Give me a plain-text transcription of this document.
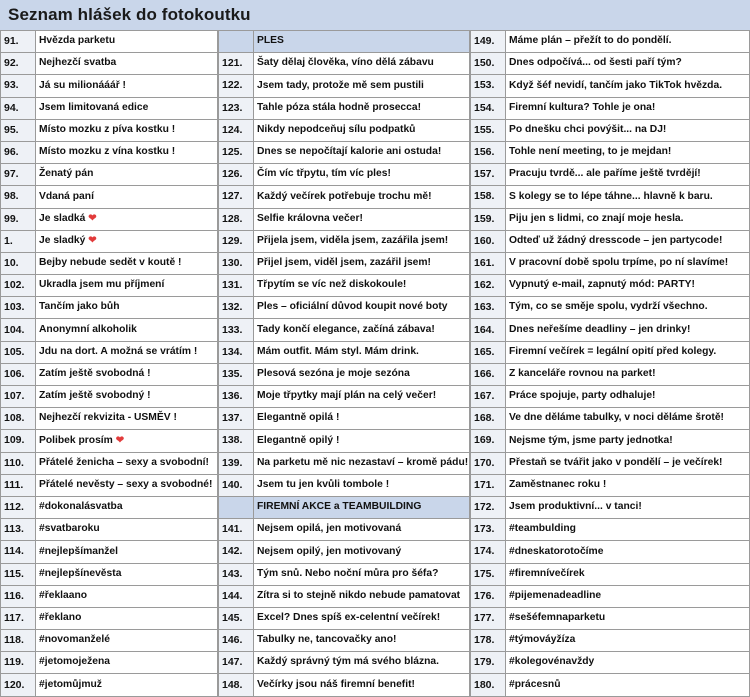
Seznam hlášek do fotokoutku
91.	Hvězda parketu
92.	Nejhezčí svatba
93.	Já su milionááář !
94.	Jsem limitovaná edice
95.	Místo mozku z píva kostku !
96.	Místo mozku z vína kostku !
97.	Ženatý pán
98.	Vdaná paní
99.	Je sladká ❤
1.	Je sladký ❤
10.	Bejby nebude sedět v koutě !
102.	Ukradla jsem mu příjmení
103.	Tančím jako bůh
104.	Anonymní alkoholik
105.	Jdu na dort. A možná se vrátím !
106.	Zatím ještě svobodná !
107.	Zatím ještě svobodný !
108.	Nejhezčí rekvizita - USMĚV !
109.	Polibek prosím ❤
110.	Přátelé ženicha – sexy a svobodní!
111.	Přátelé nevěsty – sexy a svobodné!
112.	#dokonalásvatba
113.	#svatbaroku
114.	#nejlepšímanžel
115.	#nejlepšínevěsta
116.	#řeklaano
117.	#řeklano
118.	#novomanželé
119.	#jetomoježena
120.	#jetomůjmuž
	PLES
121.	Šaty dělaj člověka, víno dělá zábavu
122.	Jsem tady, protože mě sem pustili
123.	Tahle póza stála hodně prosecca!
124.	Nikdy nepodceňuj sílu podpatků
125.	Dnes se nepočítají kalorie ani ostuda!
126.	Čím víc třpytu, tím víc ples!
127.	Každý večírek potřebuje trochu mě!
128.	Selfie královna večer!
129.	Přijela jsem, viděla jsem, zazářila jsem!
130.	Přijel jsem, viděl jsem, zazářil jsem!
131.	Třpytím se víc než diskokoule!
132.	Ples – oficiální důvod koupit nové boty
133.	Tady končí elegance, začíná zábava!
134.	Mám outfit. Mám styl. Mám drink.
135.	Plesová sezóna je moje sezóna
136.	Moje třpytky mají plán na celý večer!
137.	Elegantně opilá !
138.	Elegantně opilý !
139.	Na parketu mě nic nezastaví – kromě pádu!
140.	Jsem tu jen kvůli tombole !
	FIREMNÍ AKCE a TEAMBUILDING
141.	Nejsem opilá, jen motivovaná
142.	Nejsem opilý, jen motivovaný
143.	Tým snů. Nebo noční můra pro šéfa?
144.	Zítra si to stejně nikdo nebude pamatovat
145.	Excel? Dnes spíš ex-celentní večírek!
146.	Tabulky ne, tancovačky ano!
147.	Každý správný tým má svého blázna.
148.	Večírky jsou náš firemní benefit!
149.	Máme plán – přežít to do pondělí.
150.	Dnes odpočívá... od šesti paří tým?
153.	Když šéf nevidí, tančím jako TikTok hvězda.
154.	Firemní kultura? Tohle je ona!
155.	Po dnešku chci povýšit... na DJ!
156.	Tohle není meeting, to je mejdan!
157.	Pracuju tvrdě... ale paříme ještě tvrdějí!
158.	S kolegy se to lépe táhne... hlavně k baru.
159.	Piju jen s lidmi, co znají moje hesla.
160.	Odteď už žádný dresscode – jen partycode!
161.	V pracovní době spolu trpíme, po ní slavíme!
162.	Vypnutý e-mail, zapnutý mód: PARTY!
163.	Tým, co se směje spolu, vydrží všechno.
164.	Dnes neřešíme deadliny – jen drinky!
165.	Firemní večírek = legální opití před kolegy.
166.	Z kanceláře rovnou na parket!
167.	Práce spojuje, party odhaluje!
168.	Ve dne děláme tabulky, v noci děláme šrotě!
169.	Nejsme tým, jsme party jednotka!
170.	Přestaň se tvářit jako v pondělí – je večírek!
171.	Zaměstnanec roku !
172.	Jsem produktivní... v tanci!
173.	#teambulding
174.	#dneskatorotočíme
175.	#firemnívečírek
176.	#pijemenadeadline
177.	#sešéfemnaparketu
178.	#týmováyžíza
179.	#kolegovénavždy
180.	#prácesnů
